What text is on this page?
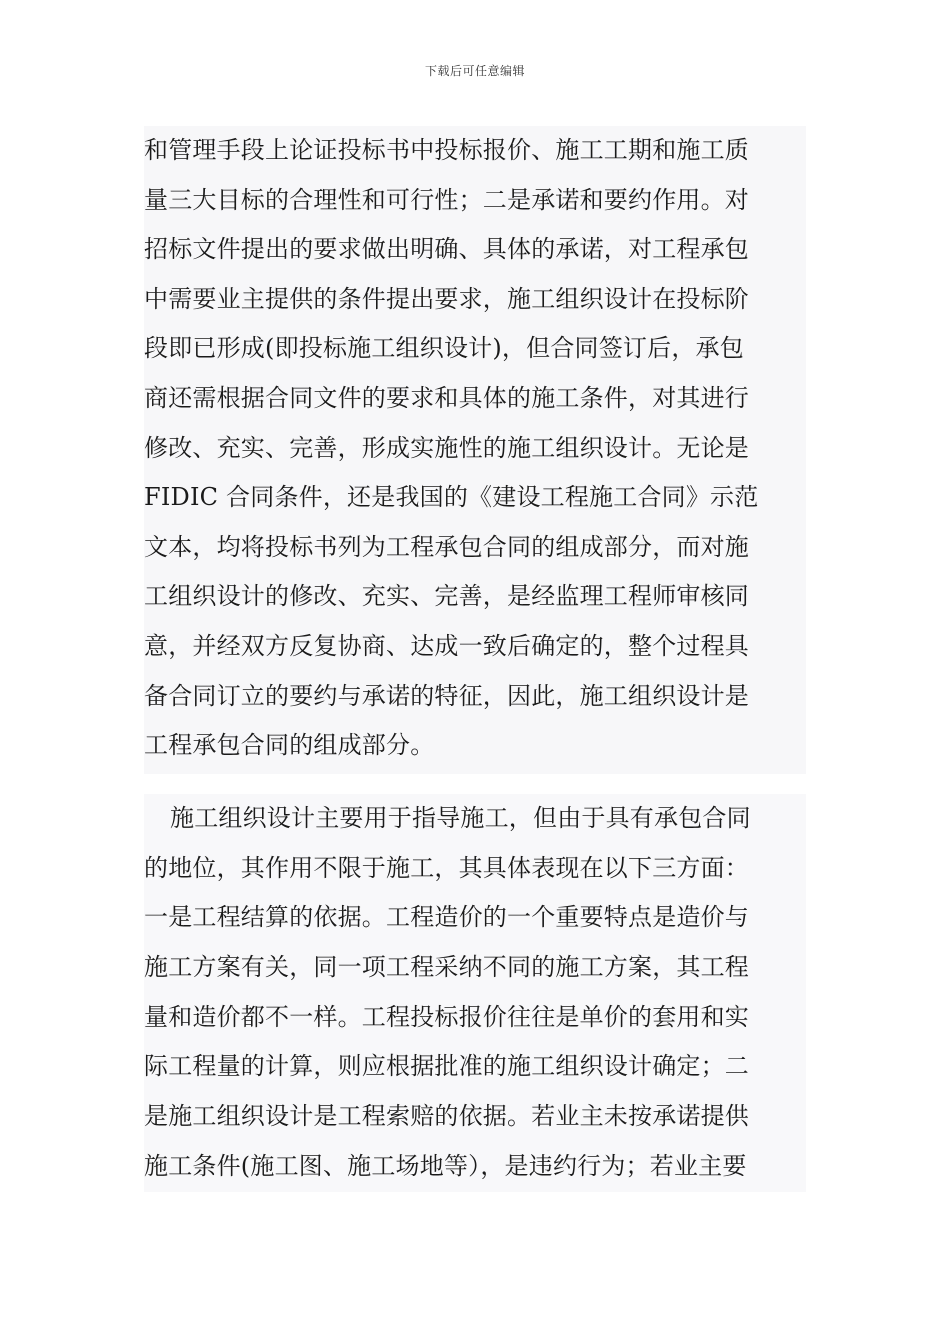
下载后可任意编辑
和管理手段上论证投标书中投标报价、施工工期和施工质
量三大目标的合理性和可行性；二是承诺和要约作用。对
招标文件提出的要求做出明确、具体的承诺，对工程承包
中需要业主提供的条件提出要求，施工组织设计在投标阶
段即已形成(即投标施工组织设计)，但合同签订后，承包
商还需根据合同文件的要求和具体的施工条件，对其进行
修改、充实、完善，形成实施性的施工组织设计。无论是
FIDIC 合同条件，还是我国的《建设工程施工合同》示范
文本，均将投标书列为工程承包合同的组成部分，而对施
工组织设计的修改、充实、完善，是经监理工程师审核同
意，并经双方反复协商、达成一致后确定的，整个过程具
备合同订立的要约与承诺的特征，因此，施工组织设计是
工程承包合同的组成部分。
施工组织设计主要用于指导施工，但由于具有承包合同
的地位，其作用不限于施工，其具体表现在以下三方面：
一是工程结算的依据。工程造价的一个重要特点是造价与
施工方案有关，同一项工程采纳不同的施工方案，其工程
量和造价都不一样。工程投标报价往往是单价的套用和实
际工程量的计算，则应根据批准的施工组织设计确定；二
是施工组织设计是工程索赔的依据。若业主未按承诺提供
施工条件(施工图、施工场地等），是违约行为；若业主要
